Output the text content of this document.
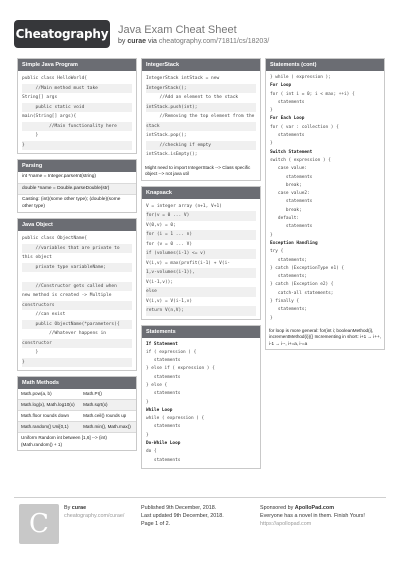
Cheatography Java Exam Cheat Sheet
by curae via cheatography.com/71811/cs/18203/
Simple Java Program
public class HelloWorld{
//Main method must take
String[] args
public static void
main(String[] args){
//Main functionality here
}
}
Parsing
int *name = Integer.parseInt(string)
double *name = Double.parseDouble(str)
Casting: (int)(some other type); (double)(some other type)
Java Object
public class ObjectName{
//variables that are private to
this object
private type variableName;

//Constructor gets called when
new method is created -> Multiple
constructors
//can exist
public ObjectName(*parameters){
//Whatever happens in
constructor
}
}
Math Methods
Math.pow(a, b)	Math.PI()
Math.log(x), Math.log10(x)	Math.sqrt(x)
Math.floor rounds down	Math.ceil() rounds up
Math.random() Uni[0,1)	Math.min(), Math.max()
Uniform Random int between [1,6] --> (int)(Math.random() + 1)
IntegerStack
IntegerStack intStack = new
IntegerStack();
//Add an element to the stack
intStack.push(int);
//Removing the top element from the
stack
intStack.pop();
//checking if empty
intStack.isEmpty();
Might need to import IntegerStack --> Class specific object --> not java util
Knapsack
V = integer array (n+1, V+1)
for(v = 0 ... V)
V(0,v) = 0;
for (i = 1 ... n)
for (v = 0 ... V)
if (volumes(i-1) <= v)
V(i,v) = max(profit(i-1) + V(i-
1,v-volumes(i-1)),
V(i-1,v));
else
V(i,v) = V(i-1,v)
return V(n,V);
Statements
If Statement
if ( expression ) {
statements
} else if ( expression ) {
statements
} else {
statements
}
While Loop
while ( expression ) {
statements
}
Do-While Loop
do {
statements
Statements (cont)
} while ( expression );
For Loop
for ( int i = 0; i < max; ++i) {
statements
}
For Each Loop
for ( var : collection ) {
statements
}
Switch Statement
switch ( expression ) {
case value:
statements
break;
case value2:
statements
break;
default:
statements
}
Exception Handling
try {
statements;
} catch (ExceptionType e1) {
statements;
} catch (Exception e2) {
catch-all statements;
} finally {
statements;
}
for loop is more general: for(int i; booleanMethod(i), incrementMethod(i)){} Incrementing in short: i+1 → i++, i-1 → i--, i+=a, i-=a
C
By curae
cheatography.com/curae/
Published 9th December, 2018.
Last updated 9th December, 2018.
Page 1 of 2.
Sponsored by ApolloPad.com
Everyone has a novel in them. Finish Yours!
https://apollopad.com
